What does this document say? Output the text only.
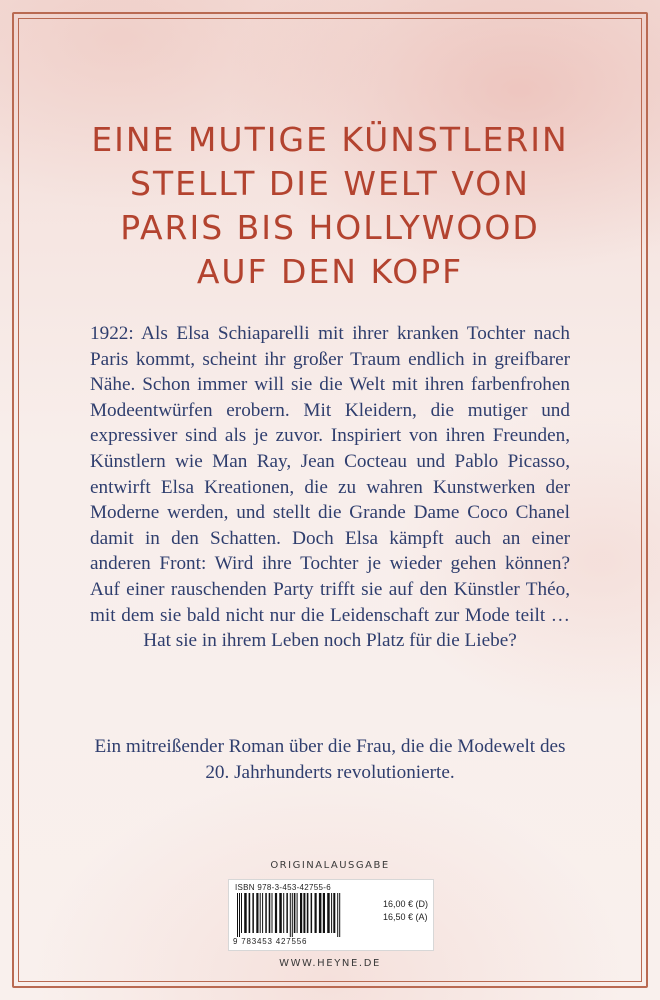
EINE MUTIGE KÜNSTLERIN
STELLT DIE WELT VON
PARIS BIS HOLLYWOOD
AUF DEN KOPF
1922: Als Elsa Schiaparelli mit ihrer kranken Tochter nach Paris kommt, scheint ihr großer Traum endlich in greifbarer Nähe. Schon immer will sie die Welt mit ihren farbenfrohen Modeentwürfen erobern. Mit Kleidern, die mutiger und expressiver sind als je zuvor. Inspiriert von ihren Freunden, Künstlern wie Man Ray, Jean Cocteau und Pablo Picasso, entwirft Elsa Kreationen, die zu wahren Kunstwerken der Moderne werden, und stellt die Grande Dame Coco Chanel damit in den Schatten. Doch Elsa kämpft auch an einer anderen Front: Wird ihre Tochter je wieder gehen können? Auf einer rauschenden Party trifft sie auf den Künstler Théo, mit dem sie bald nicht nur die Leidenschaft zur Mode teilt … Hat sie in ihrem Leben noch Platz für die Liebe?
Ein mitreißender Roman über die Frau, die die Modewelt des 20. Jahrhunderts revolutionierte.
ORIGINALAUSGABE
ISBN 978-3-453-42755-6
9 783453 427556
16,00 € (D)
16,50 € (A)
WWW.HEYNE.DE
